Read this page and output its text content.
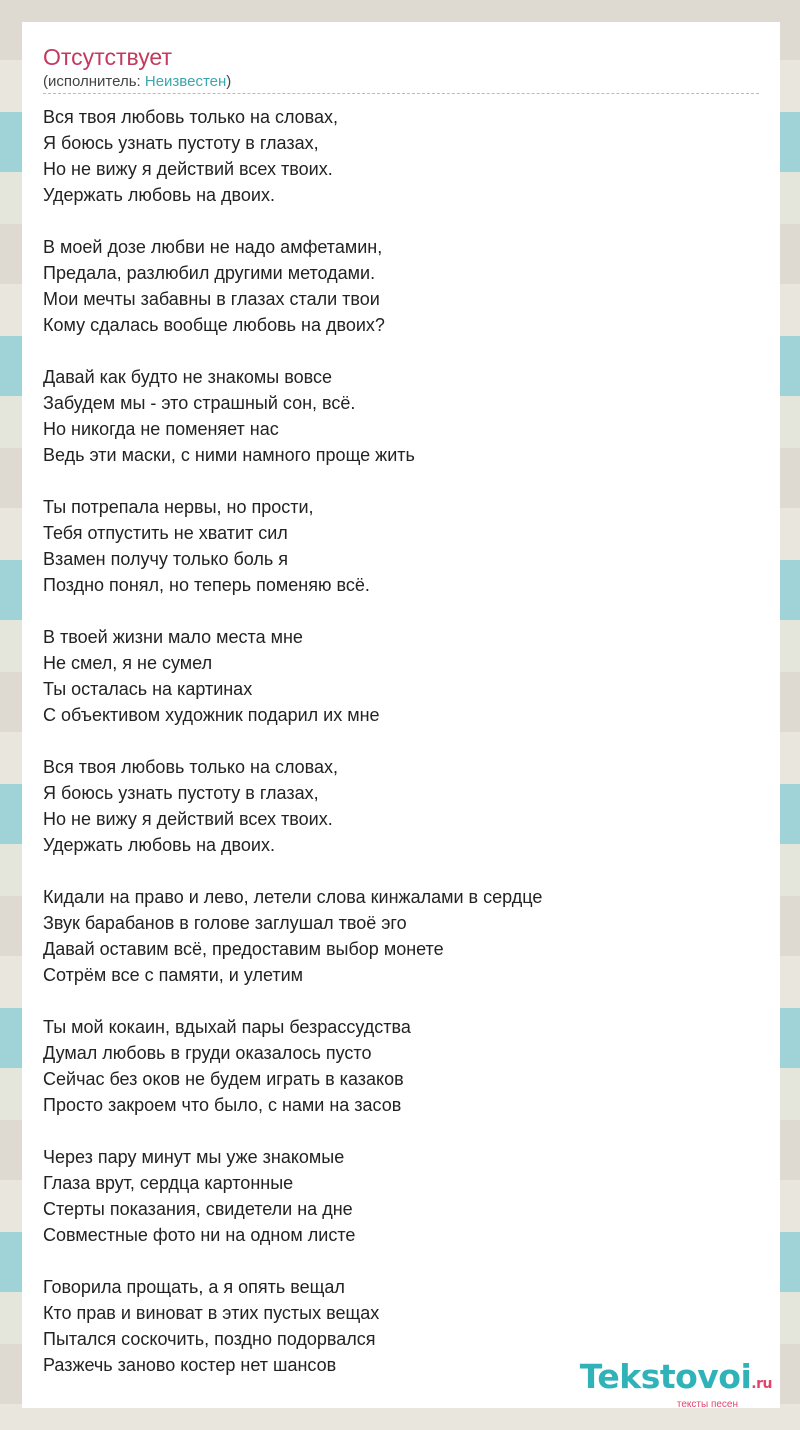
Отсутствует
(исполнитель: Неизвестен)
Вся твоя любовь только на словах,
Я боюсь узнать пустоту в глазах,
Но не вижу я действий всех твоих.
Удержать любовь на двоих.
В моей дозе любви не надо амфетамин,
Предала, разлюбил другими методами.
Мои мечты забавны в глазах стали твои
Кому сдалась вообще любовь на двоих?
Давай как будто не знакомы вовсе
Забудем мы - это страшный сон, всё.
Но никогда не поменяет нас
Ведь эти маски, с ними намного проще жить
Ты потрепала нервы, но прости,
Тебя отпустить не хватит сил
Взамен получу только боль я
Поздно понял, но теперь поменяю всё.
В твоей жизни мало места мне
Не смел, я не сумел
Ты осталась на картинах
С объективом художник подарил их мне
Вся твоя любовь только на словах,
Я боюсь узнать пустоту в глазах,
Но не вижу я действий всех твоих.
Удержать любовь на двоих.
Кидали на право и лево, летели слова кинжалами в сердце
Звук барабанов в голове заглушал твоё эго
Давай оставим всё, предоставим выбор монете
Сотрём все с памяти, и улетим
Ты мой кокаин, вдыхай пары безрассудства
Думал любовь в груди оказалось пусто
Сейчас без оков не будем играть в казаков
Просто закроем что было, с нами на засов
Через пару минут мы уже знакомые
Глаза врут, сердца картонные
Стерты показания, свидетели на дне
Совместные фото ни на одном листе
Говорила прощать, а я опять вещал
Кто прав и виноват в этих пустых вещах
Пытался соскочить, поздно подорвался
Разжечь заново костер нет шансов	Tekstovoi.ru
тексты песен
